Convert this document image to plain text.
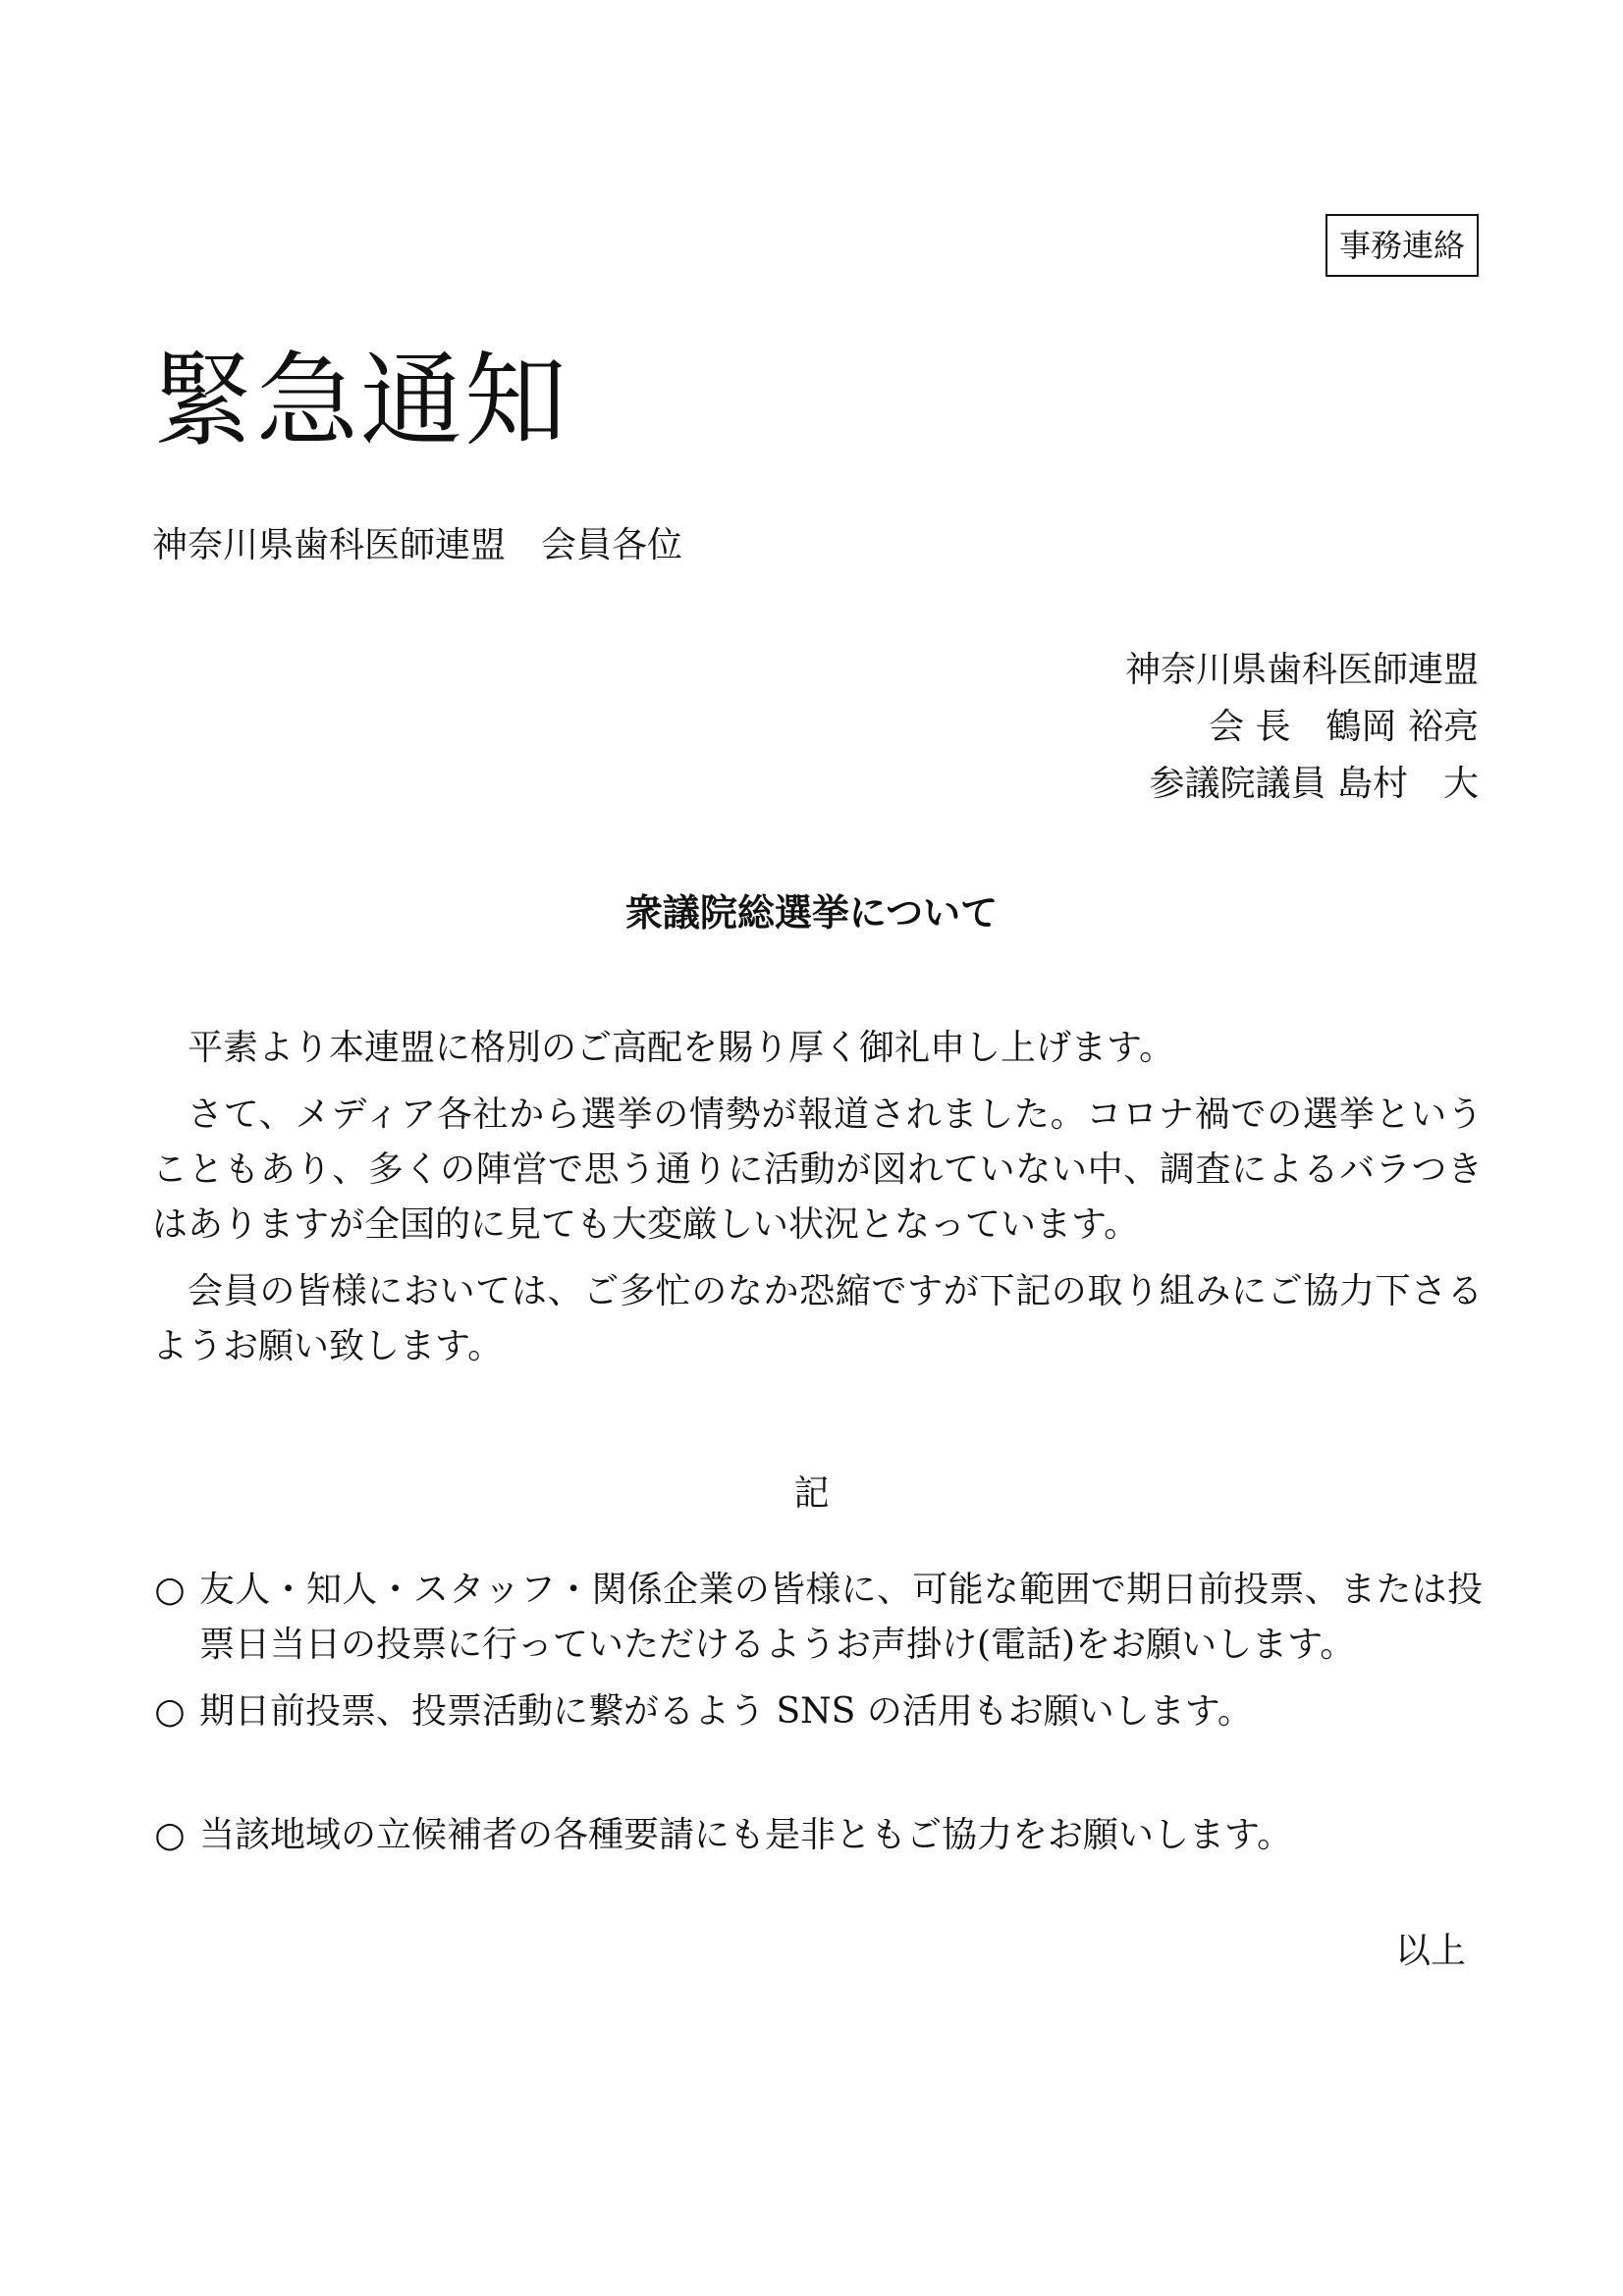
事務連絡
緊急通知
神奈川県歯科医師連盟　会員各位
神奈川県歯科医師連盟
会 長　鶴岡 裕亮
参議院議員 島村　大
衆議院総選挙について

平素より本連盟に格別のご高配を賜り厚く御礼申し上げます。

さて、メディア各社から選挙の情勢が報道されました。コロナ禍での選挙ということもあり、多くの陣営で思う通りに活動が図れていない中、調査によるバラつきはありますが全国的に見ても大変厳しい状況となっています。

会員の皆様においては、ご多忙のなか恐縮ですが下記の取り組みにご協力下さるようお願い致します。

記
○ 友人・知人・スタッフ・関係企業の皆様に、可能な範囲で期日前投票、または投票日当日の投票に行っていただけるようお声掛け(電話)をお願いします。
○ 期日前投票、投票活動に繋がるよう SNS の活用もお願いします。
○ 当該地域の立候補者の各種要請にも是非ともご協力をお願いします。
以上
